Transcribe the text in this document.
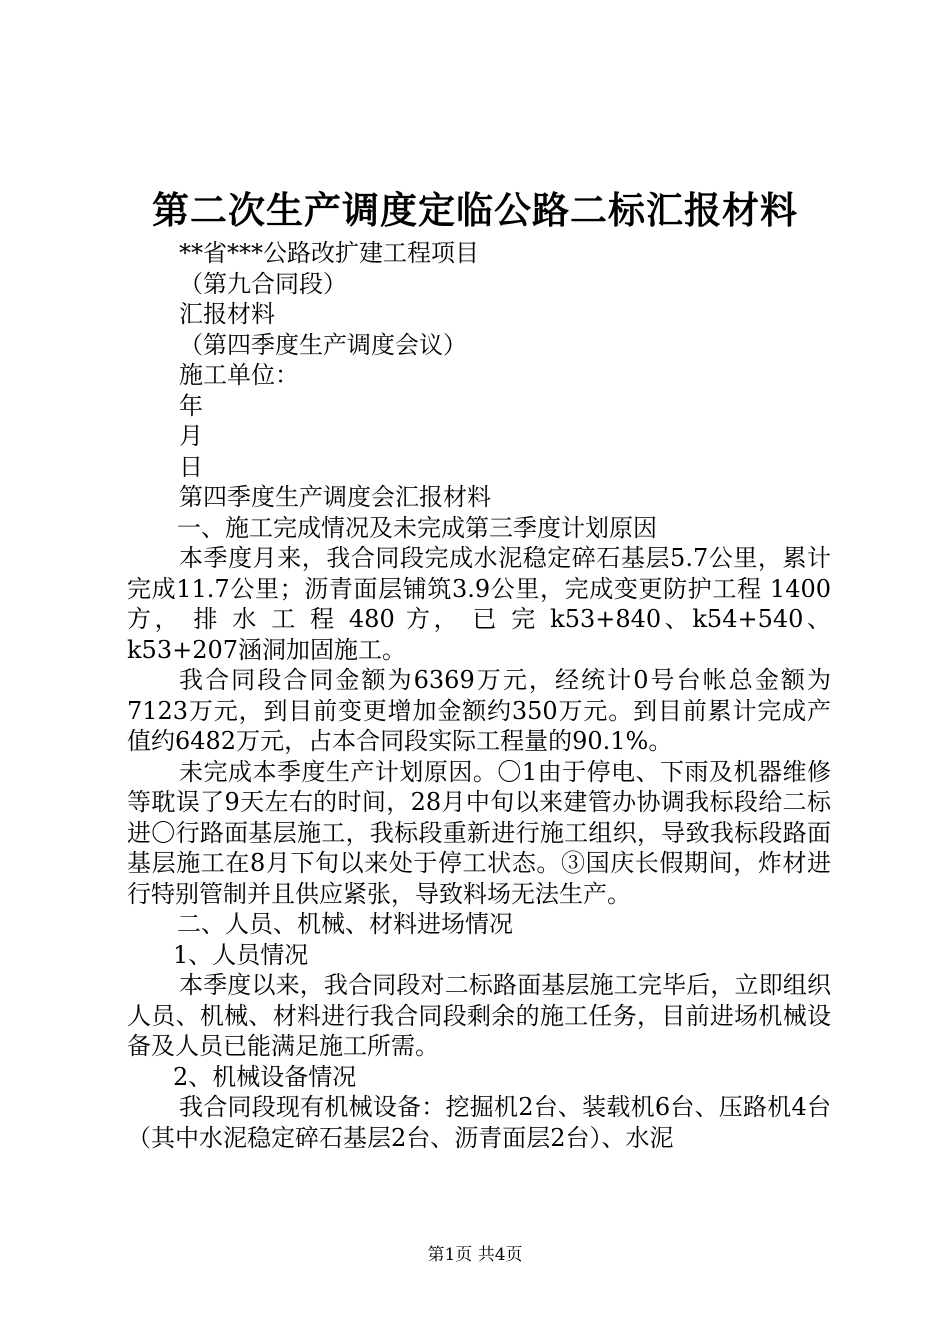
第二次生产调度定临公路二标汇报材料

**省***公路改扩建工程项目

（第九合同段）

汇报材料

（第四季度生产调度会议）

施工单位：

年

月

日

第四季度生产调度会汇报材料

一、施工完成情况及未完成第三季度计划原因

本季度月来，我合同段完成水泥稳定碎石基层5.7公里，累计完成11.7公里；沥青面层铺筑3.9公里，完成变更防护工程 1400 方， 排 水 工 程 480 方， 已 完 k53+840、k54+540、k53+207涵洞加固施工。

我合同段合同金额为6369万元，经统计0号台帐总金额为7123万元，到目前变更增加金额约350万元。到目前累计完成产值约6482万元，占本合同段实际工程量的90.1%。

未完成本季度生产计划原因。〇1由于停电、下雨及机器维修等耽误了9天左右的时间，28月中旬以来建管办协调我标段给二标进〇行路面基层施工，我标段重新进行施工组织，导致我标段路面基层施工在8月下旬以来处于停工状态。③国庆长假期间，炸材进行特别管制并且供应紧张，导致料场无法生产。

二、人员、机械、材料进场情况

1、人员情况

本季度以来，我合同段对二标路面基层施工完毕后，立即组织人员、机械、材料进行我合同段剩余的施工任务，目前进场机械设备及人员已能满足施工所需。

2、机械设备情况

我合同段现有机械设备：挖掘机2台、装载机6台、压路机4台（其中水泥稳定碎石基层2台、沥青面层2台）、水泥

第1页 共4页
